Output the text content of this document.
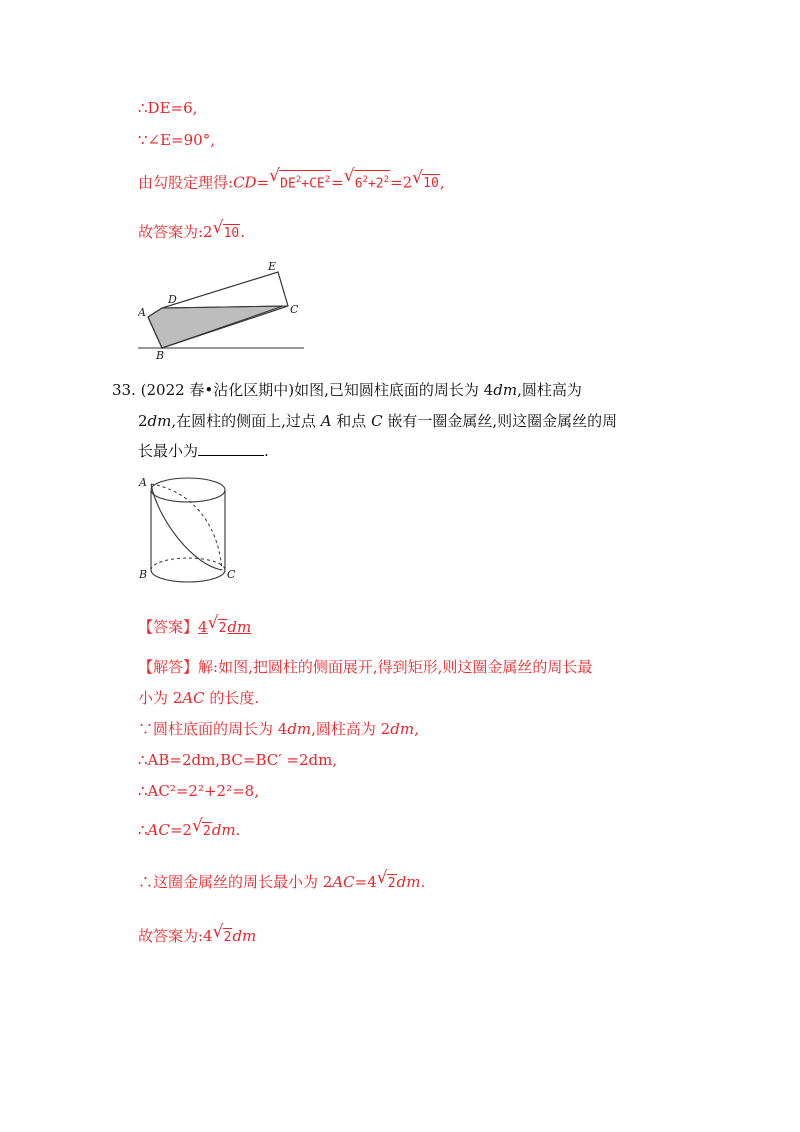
∴DE=6,
∵∠E=90°,
由勾股定理得:CD=√ $DE^2+CE^2=√$ $6^2+2^2=2√$ 10,
故答案为:2√ 10.
A
B
C
D
E
33. (2022 春•沾化区期中)如图,已知圆柱底面的周长为 4dm,圆柱高为
2dm,在圆柱的侧面上,过点 A 和点 C 嵌有一圈金属丝,则这圈金属丝的周
长最小为	.
A
B	C
【答案】4√ 2dm
【解答】解:如图,把圆柱的侧面展开,得到矩形,则这圈金属丝的周长最
小为 2AC 的长度.
∵圆柱底面的周长为 4dm,圆柱高为 2dm,
∴AB=2dm,BC=BC′ =2dm,
∴AC²=2²+2²=8,
∴AC=2√ 2dm.
∴这圈金属丝的周长最小为 2AC=4√ 2dm.
故答案为:4√ 2dm
